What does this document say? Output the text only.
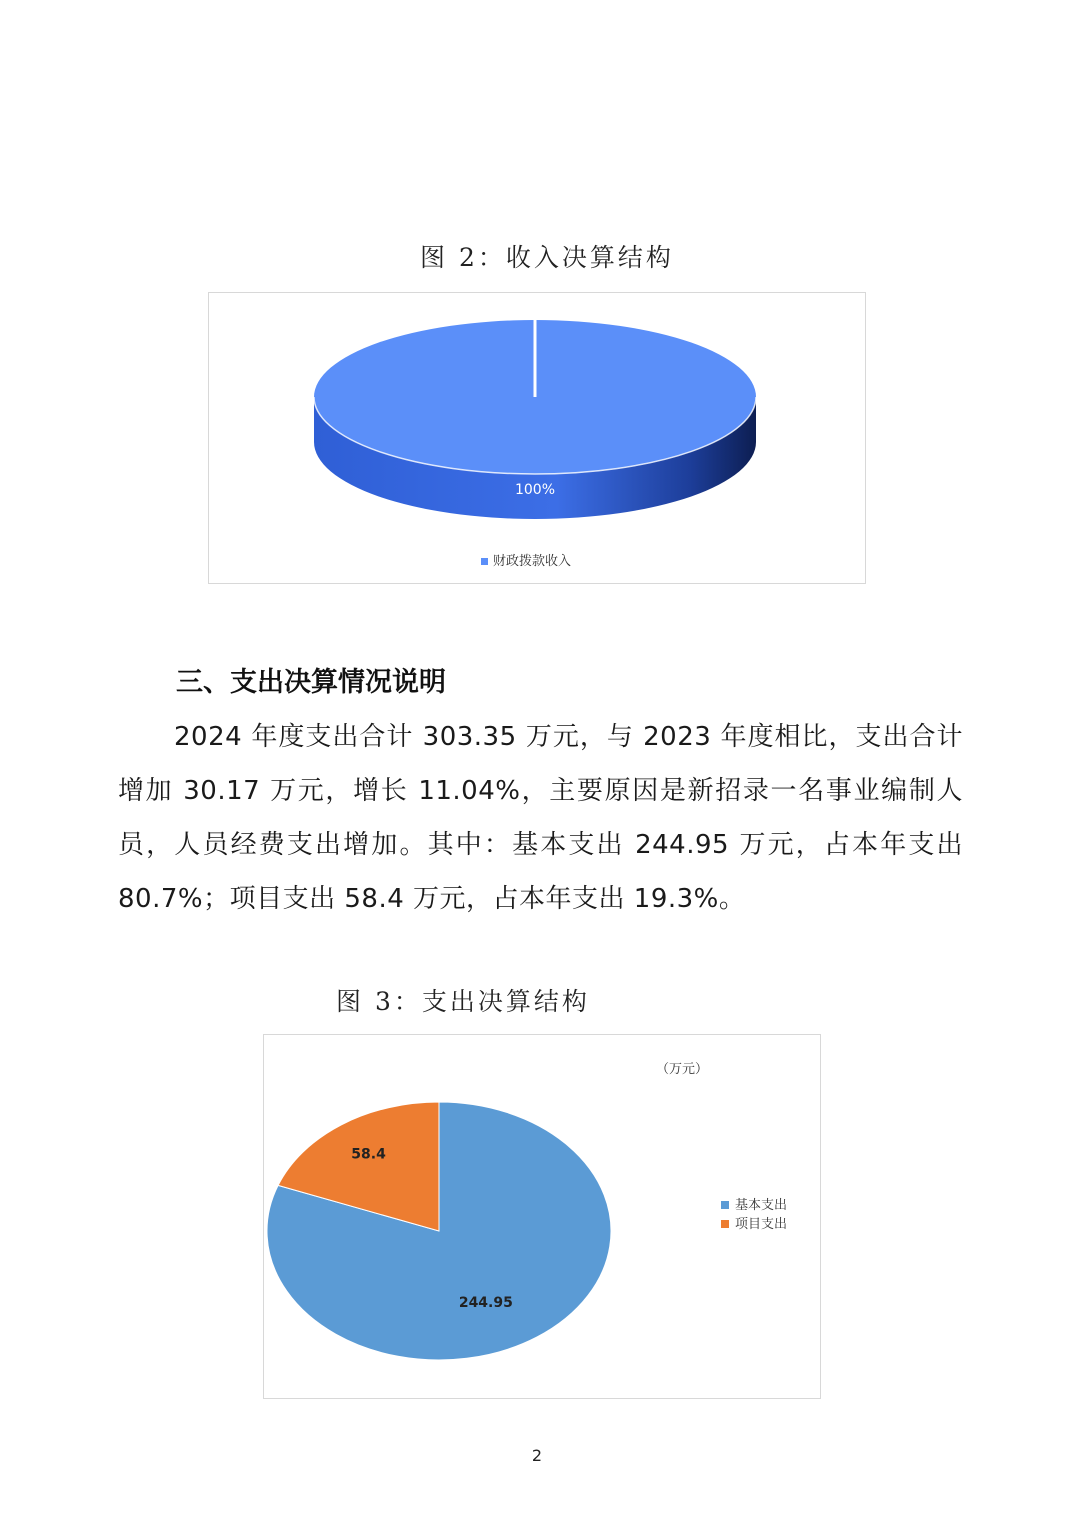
图 2：收入决算结构
100%
财政拨款收入
三、支出决算情况说明
2024 年度支出合计 303.35 万元，与 2023 年度相比，支出合计增加 30.17 万元，增长 11.04%，主要原因是新招录一名事业编制人员，人员经费支出增加。其中：基本支出 244.95 万元，占本年支出 80.7%；项目支出 58.4 万元，占本年支出 19.3%。
图 3：支出决算结构
244.95
58.4
（万元）
基本支出
项目支出
2
